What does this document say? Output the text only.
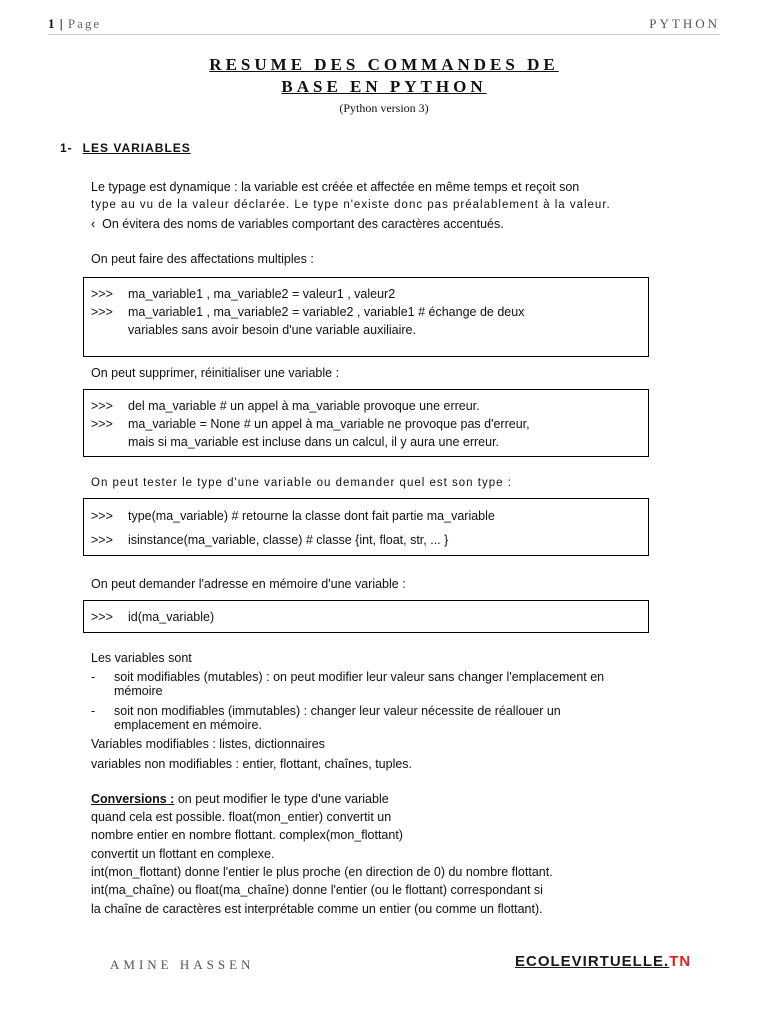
1 | Page	PYTHON
RESUME DES COMMANDES DE
BASE EN PYTHON
(Python version 3)
1- LES VARIABLES
Le typage est dynamique : la variable est créée et affectée en même temps et reçoit son
type au vu de la valeur déclarée. Le type n'existe donc pas préalablement à la valeur.
‹ On évitera des noms de variables comportant des caractères accentués.
On peut faire des affectations multiples :
>>> ma_variable1 , ma_variable2 = valeur1 , valeur2
>>> ma_variable1 , ma_variable2 = variable2 , variable1 # échange de deux
variables sans avoir besoin d'une variable auxiliaire.
On peut supprimer, réinitialiser une variable :
>>> del ma_variable # un appel à ma_variable provoque une erreur.
>>> ma_variable = None # un appel à ma_variable ne provoque pas d'erreur,
mais si ma_variable est incluse dans un calcul, il y aura une erreur.
On peut tester le type d'une variable ou demander quel est son type :
>>> type(ma_variable) # retourne la classe dont fait partie ma_variable
>>> isinstance(ma_variable, classe) # classe {int, float, str, ... }
On peut demander l'adresse en mémoire d'une variable :
>>> id(ma_variable)
Les variables sont
- soit modifiables (mutables) : on peut modifier leur valeur sans changer l'emplacement en
mémoire
- soit non modifiables (immutables) : changer leur valeur nécessite de réallouer un
emplacement en mémoire.
Variables modifiables : listes, dictionnaires
variables non modifiables : entier, flottant, chaînes, tuples.
Conversions : on peut modifier le type d'une variable
quand cela est possible. float(mon_entier) convertit un
nombre entier en nombre flottant. complex(mon_flottant)
convertit un flottant en complexe.
int(mon_flottant) donne l'entier le plus proche (en direction de 0) du nombre flottant.
int(ma_chaîne) ou float(ma_chaîne) donne l'entier (ou le flottant) correspondant si
la chaîne de caractères est interprétable comme un entier (ou comme un flottant).
AMINE HASSEN	ECOLEVIRTUELLE.TN
